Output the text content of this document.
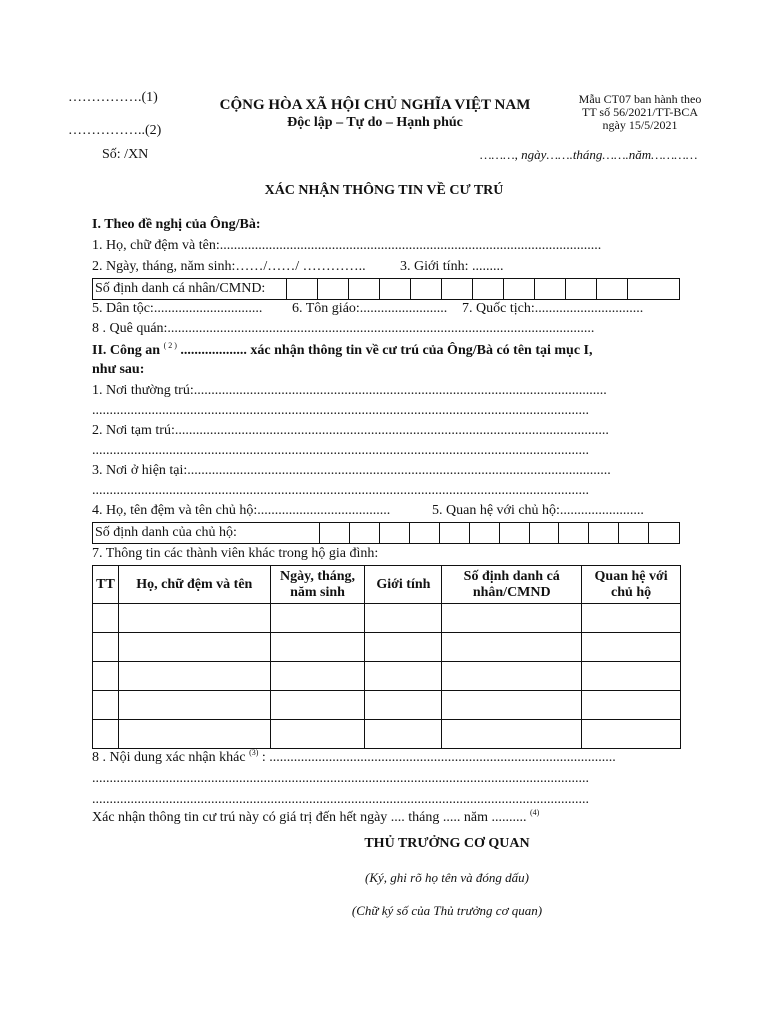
…………….(1)
……………..(2)
Số: /XN
CỘNG HÒA XÃ HỘI CHỦ NGHĨA VIỆT NAM
Độc lập – Tự do – Hạnh phúc
Mẫu CT07 ban hành theo
TT số 56/2021/TT-BCA
ngày 15/5/2021
………, ngày…….tháng…….năm…………
XÁC NHẬN THÔNG TIN VỀ CƯ TRÚ
I. Theo đề nghị của Ông/Bà:
1. Họ, chữ đệm và tên:.............................................................................................................
2. Ngày, tháng, năm sinh:……/……/ ………….. 3. Giới tính: .........
Số định danh cá nhân/CMND:
5. Dân tộc:............................... 6. Tôn giáo:......................... 7. Quốc tịch:...............................
8 . Quê quán:..........................................................................................................................
II. Công an $^{( 2 )}$ ................... xác nhận thông tin về cư trú của Ông/Bà có tên tại mục I,
như sau:
1. Nơi thường trú:......................................................................................................................
..............................................................................................................................................
2. Nơi tạm trú:............................................................................................................................
..............................................................................................................................................
3. Nơi ở hiện tại:.........................................................................................................................
..............................................................................................................................................
4. Họ, tên đệm và tên chủ hộ:......................................	5. Quan hệ với chủ hộ:........................
Số định danh của chủ hộ:
7. Thông tin các thành viên khác trong hộ gia đình:
TT	Họ, chữ đệm và tên	Ngày, tháng, năm sinh	Giới tính	Số định danh cá nhân/CMND	Quan hệ với chủ hộ

8 . Nội dung xác nhận khác $^{(3)}$ : ...................................................................................................
..............................................................................................................................................
..............................................................................................................................................
Xác nhận thông tin cư trú này có giá trị đến hết ngày .... tháng ..... năm .......... $^{(4)}$
THỦ TRƯỞNG CƠ QUAN
(Ký, ghi rõ họ tên và đóng dấu)
(Chữ ký số của Thủ trưởng cơ quan)
